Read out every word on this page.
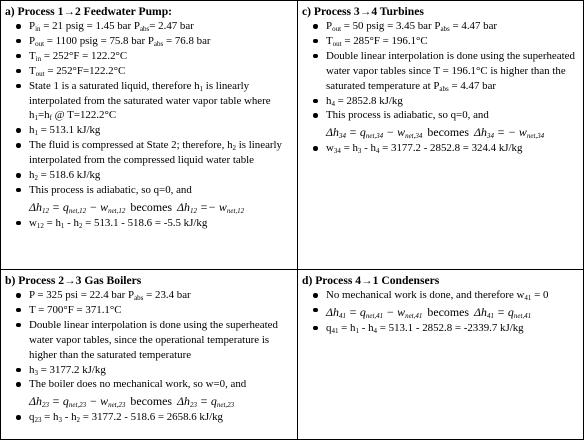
a) Process 1→2 Feedwater Pump:
$P_{in} = 21$ psig = 1.45 bar $P_{abs}= 2.47$ bar
$P_{out} = 1100$ psig = 75.8 bar $P_{abs} = 76.8$ bar
$T_{in} = 252^\circ F = 122.2^\circ C$
$T_{out} = 252^\circ F=122.2^\circ C$
State 1 is a saturated liquid, therefore $h_1$ is linearly interpolated from the saturated water vapor table where $h_1=h_f$ @ T=122.2°C
$h_1 = 513.1$ kJ/kg
The fluid is compressed at State 2; therefore, $h_2$ is linearly interpolated from the compressed liquid water table
$h_2 = 518.6$ kJ/kg
This process is adiabatic, so q=0, and
$\Delta h_{12} = q_{net,12} - w_{net,12}$ becomes $\Delta h_{12} =- w_{net,12}$
$w_{12} = h_1 - h_2 = 513.1 - 518.6 = -5.5$ kJ/kg
c) Process 3→4 Turbines
$P_{out} = 50$ psig = 3.45 bar $P_{abs} = 4.47$ bar
$T_{out} = 285^\circ F = 196.1^\circ C$
Double linear interpolation is done using the superheated water vapor tables since T = 196.1°C is higher than the saturated temperature at $P_{abs} = 4.47$ bar
$h_4 = 2852.8$ kJ/kg
This process is adiabatic, so q=0, and
$\Delta h_{34} = q_{net,34} - w_{net,34}$ becomes $\Delta h_{34}$ = − $w_{net,34}$
$w_{34} = h_3 - h_4 = 3177.2 - 2852.8 = 324.4$ kJ/kg
b) Process 2→3 Gas Boilers
P = 325 psi = 22.4 bar $P_{abs} = 23.4$ bar
T = 700°F = 371.1°C
Double linear interpolation is done using the superheated water vapor tables, since the operational temperature is higher than the saturated temperature
$h_3 = 3177.2$ kJ/kg
The boiler does no mechanical work, so w=0, and
$\Delta h_{23} = q_{net,23} - w_{net,23}$ becomes $\Delta h_{23} = q_{net,23}$
$q_{23} = h_3 - h_2 = 3177.2 - 518.6 = 2658.6$ kJ/kg
d) Process 4→1 Condensers
No mechanical work is done, and therefore $w_{41} = 0$
$\Delta h_{41} = q_{net,41} - w_{net,41}$ becomes $\Delta h_{41} = q_{net,41}$
$q_{41} = h_1 - h_4 = 513.1 - 2852.8 = -2339.7$ kJ/kg
